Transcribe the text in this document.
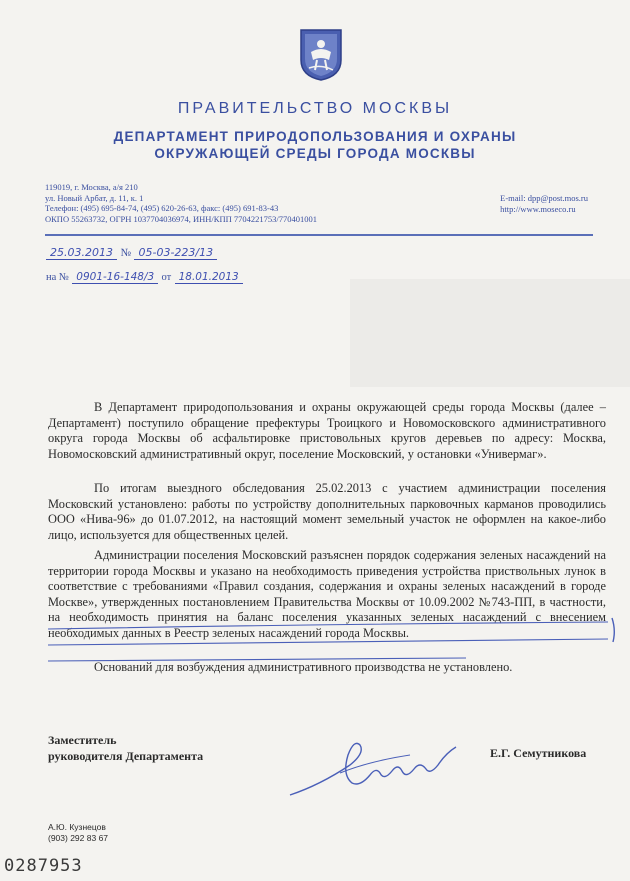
ПРАВИТЕЛЬСТВО МОСКВЫ
ДЕПАРТАМЕНТ ПРИРОДОПОЛЬЗОВАНИЯ И ОХРАНЫ
ОКРУЖАЮЩЕЙ СРЕДЫ ГОРОДА МОСКВЫ
119019, г. Москва, а/я 210
ул. Новый Арбат, д. 11, к. 1
Телефон: (495) 695-84-74, (495) 620-26-63, факс: (495) 691-83-43
ОКПО 55263732, ОГРН 1037704036974, ИНН/КПП 7704221753/770401001
E-mail: dpp@post.mos.ru
http://www.moseco.ru
25.03.2013 № 05-03-223/13
на № 0901-16-148/3 от 18.01.2013

В Департамент природопользования и охраны окружающей среды города Москвы (далее – Департамент) поступило обращение префектуры Троицкого и Новомосковского административного округа города Москвы об асфальтировке пристовольных кругов деревьев по адресу: Москва, Новомосковский административный округ, поселение Московский, у остановки «Универмаг».

По итогам выездного обследования 25.02.2013 с участием администрации поселения Московский установлено: работы по устройству дополнительных парковочных карманов проводились ООО «Нива-96» до 01.07.2012, на настоящий момент земельный участок не оформлен на какое-либо лицо, используется для общественных целей.

Администрации поселения Московский разъяснен порядок содержания зеленых насаждений на территории города Москвы и указано на необходимость приведения устройства приствольных лунок в соответствие с требованиями «Правил создания, содержания и охраны зеленых насаждений в городе Москве», утвержденных постановлением Правительства Москвы от 10.09.2002 №743-ПП, в частности, на необходимость принятия на баланс поселения указанных зеленых насаждений с внесением необходимых данных в Реестр зеленых насаждений города Москвы.

Оснований для возбуждения административного производства не установлено.

Заместитель
руководителя Департамента	Е.Г. Семутникова
А.Ю. Кузнецов
(903) 292 83 67
0287953
